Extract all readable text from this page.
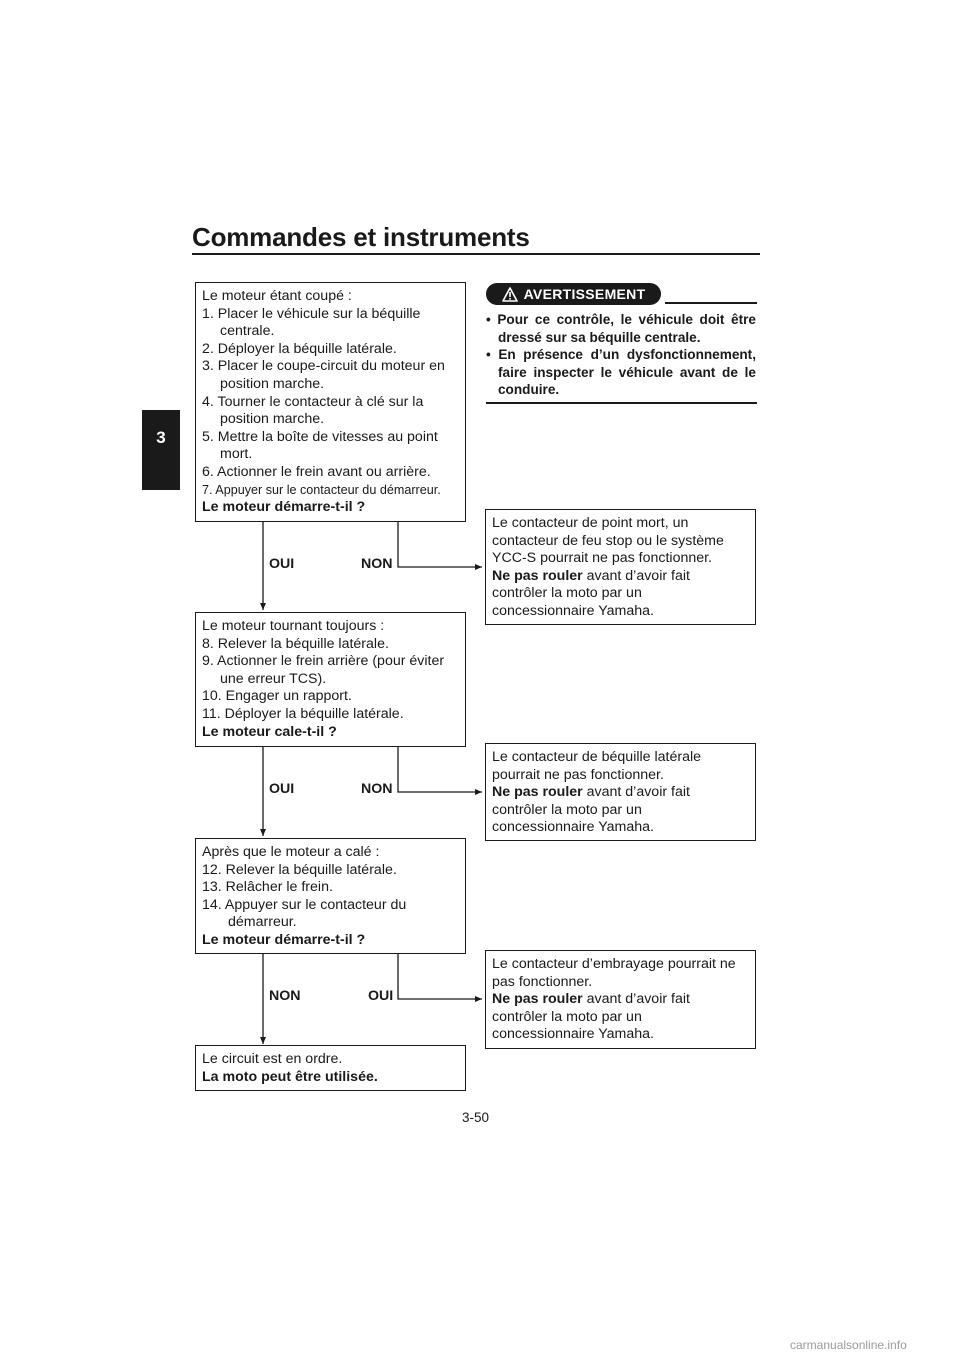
Commandes et instruments
3
Le moteur étant coupé :
1. Placer le véhicule sur la béquille
centrale.
2. Déployer la béquille latérale.
3. Placer le coupe-circuit du moteur en
position marche.
4. Tourner le contacteur à clé sur la
position marche.
5. Mettre la boîte de vitesses au point
mort.
6. Actionner le frein avant ou arrière.
7. Appuyer sur le contacteur du démarreur.
Le moteur démarre-t-il ?
OUI	NON
Le contacteur de point mort, un
contacteur de feu stop ou le système
YCC-S pourrait ne pas fonctionner.
Ne pas rouler avant d’avoir fait
contrôler la moto par un
concessionnaire Yamaha.
Le moteur tournant toujours :
8. Relever la béquille latérale.
9. Actionner le frein arrière (pour éviter
une erreur TCS).
10. Engager un rapport.
11. Déployer la béquille latérale.
Le moteur cale-t-il ?
OUI	NON
Le contacteur de béquille latérale
pourrait ne pas fonctionner.
Ne pas rouler avant d’avoir fait
contrôler la moto par un
concessionnaire Yamaha.
Après que le moteur a calé :
12. Relever la béquille latérale.
13. Relâcher le frein.
14. Appuyer sur le contacteur du
démarreur.
Le moteur démarre-t-il ?
NON	OUI
Le contacteur d’embrayage pourrait ne
pas fonctionner.
Ne pas rouler avant d’avoir fait
contrôler la moto par un
concessionnaire Yamaha.
Le circuit est en ordre.
La moto peut être utilisée.
AVERTISSEMENT
• Pour ce contrôle, le véhicule doit être dressé sur sa béquille centrale.
• En présence d’un dysfonctionnement, faire inspecter le véhicule avant de le conduire.
3-50
carmanualsonline.info
